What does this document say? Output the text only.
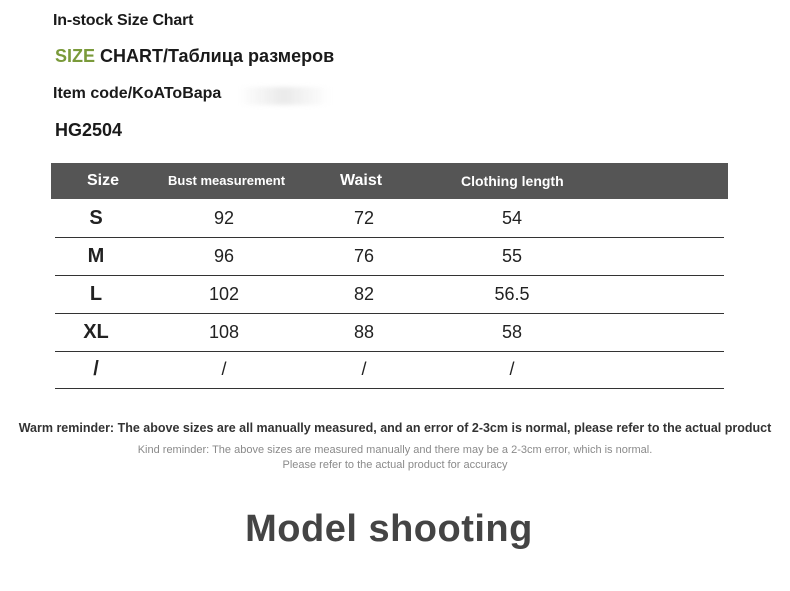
In-stock Size Chart
SIZE CHART/Таблица размеров
Item code/KoAToBapa
HG2504
Size	Bust measurement	Waist	Clothing length
S	92	72	54
M	96	76	55
L	102	82	56.5
XL	108	88	58
/	/	/	/
Warm reminder: The above sizes are all manually measured, and an error of 2-3cm is normal, please refer to the actual product
Kind reminder: The above sizes are measured manually and there may be a 2-3cm error, which is normal.
Please refer to the actual product for accuracy
Model shooting
